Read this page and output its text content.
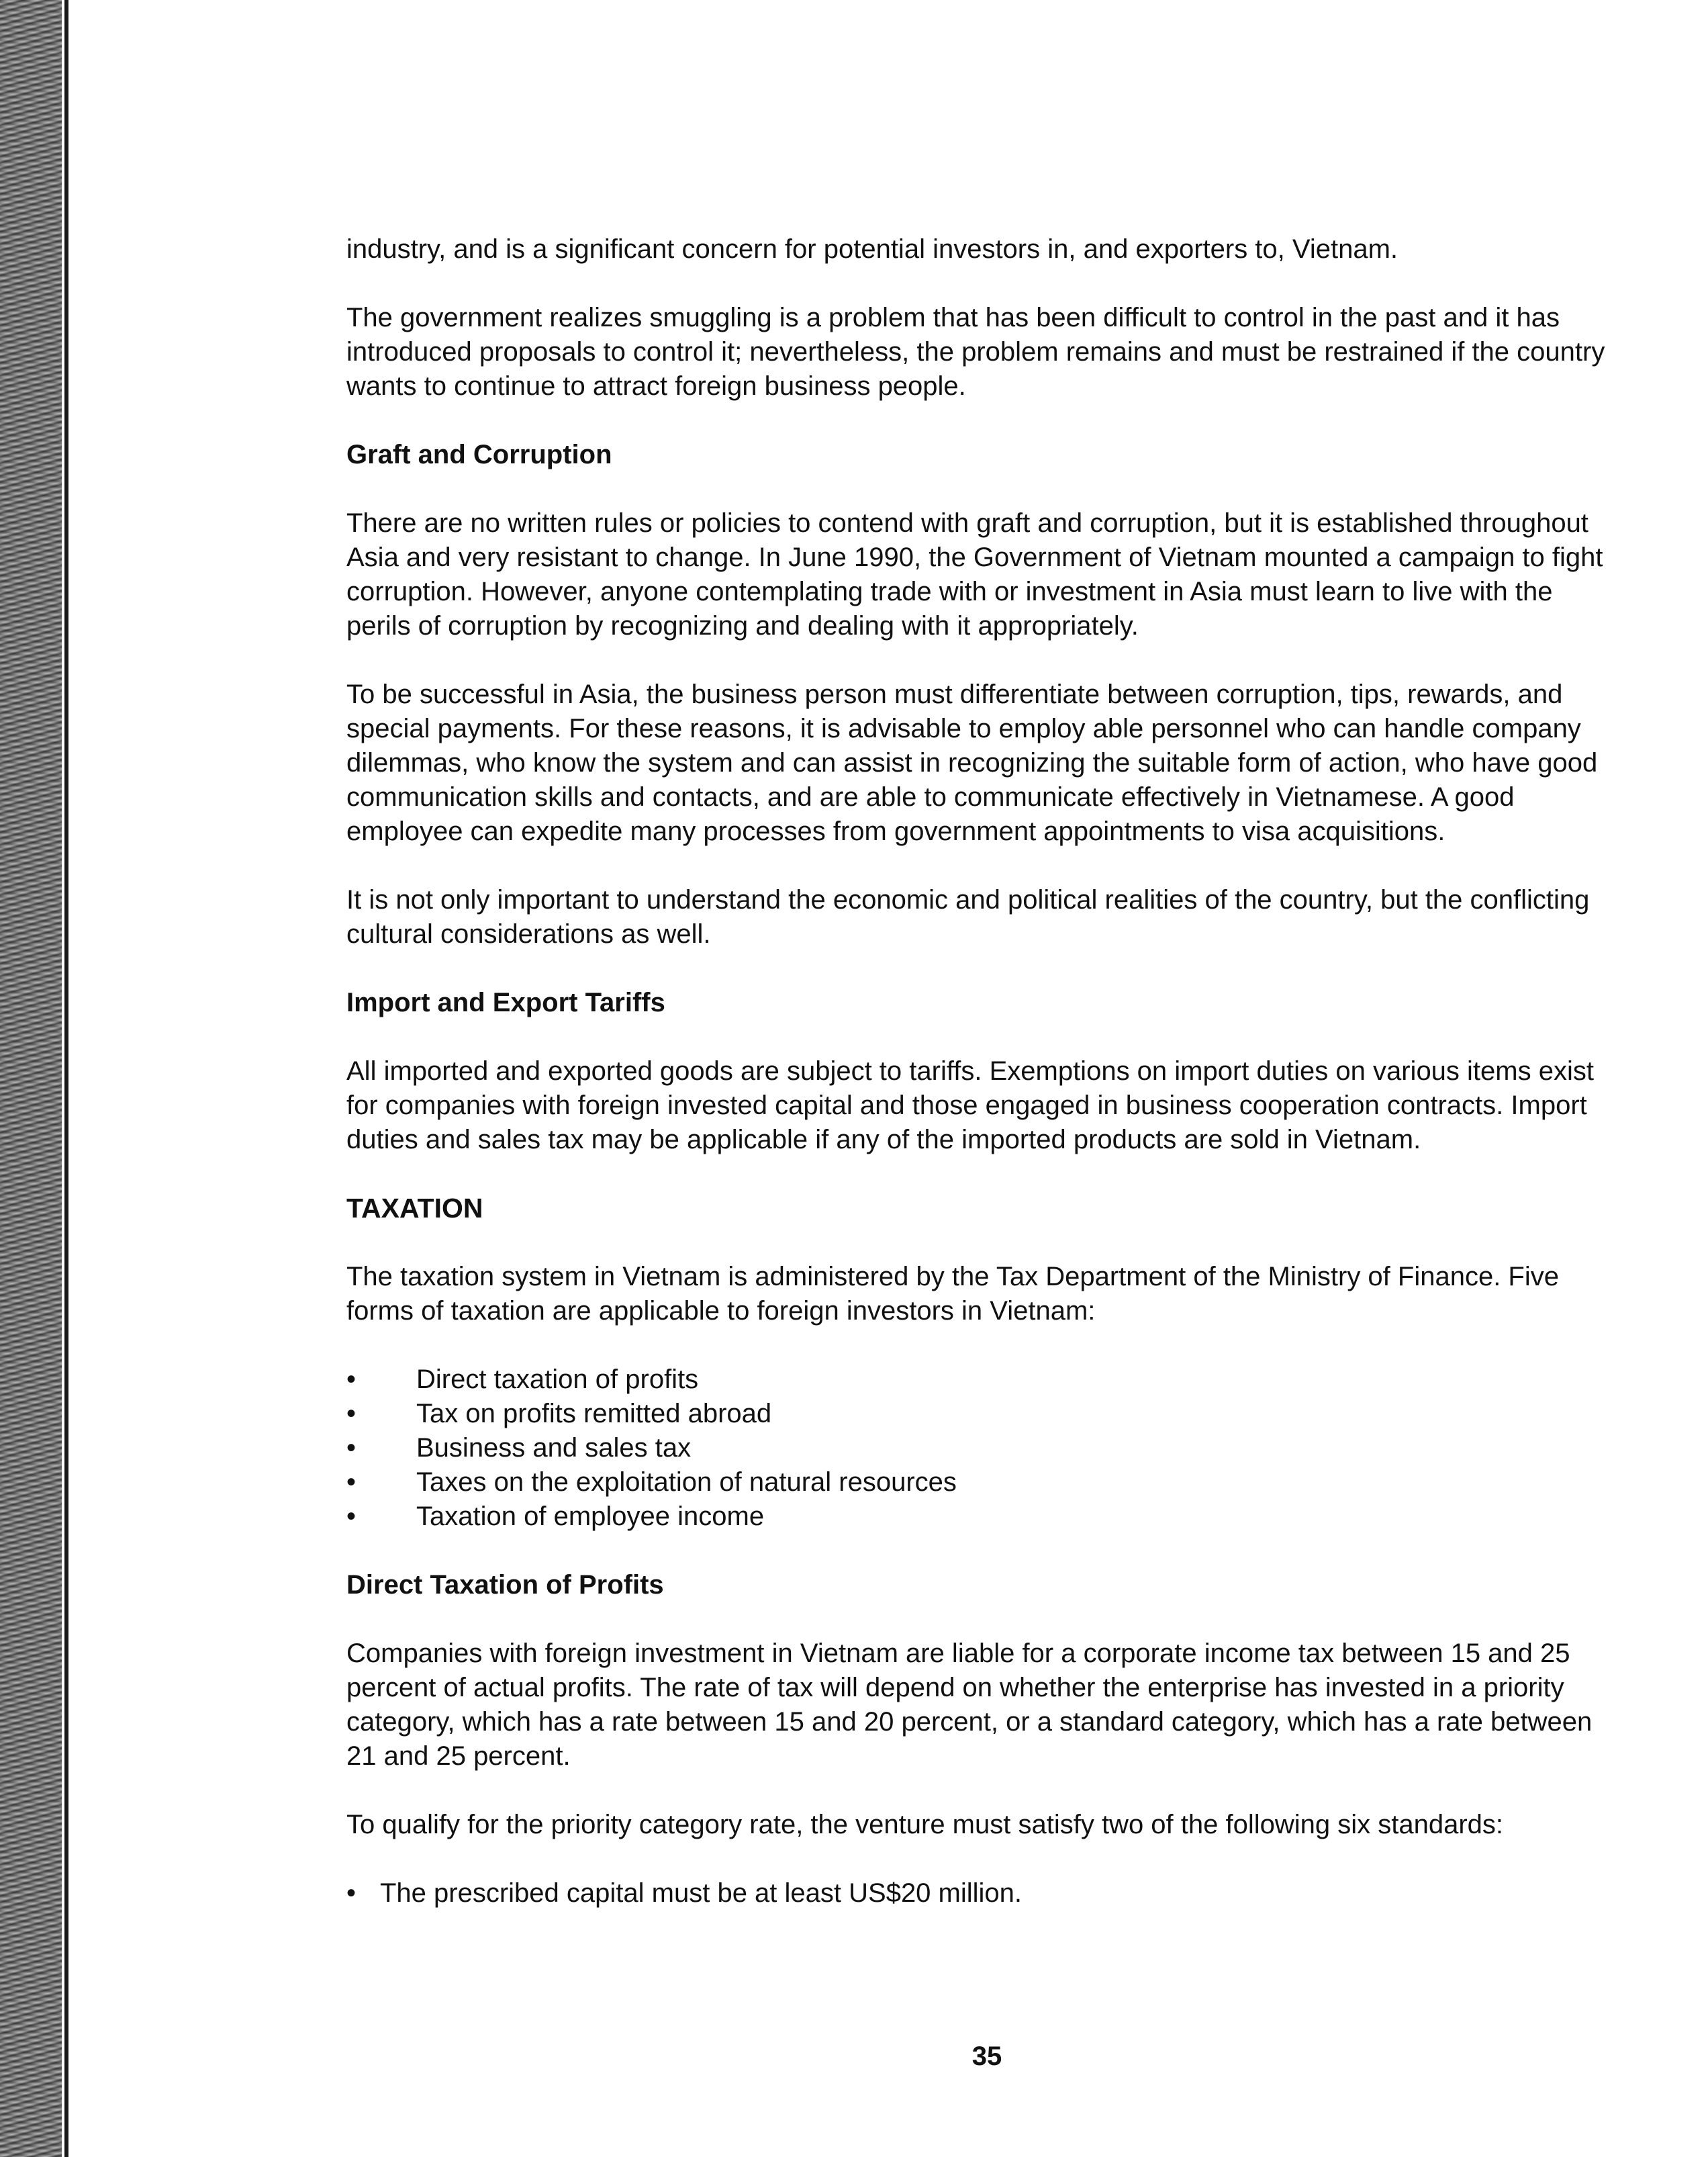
industry, and is a significant concern for potential investors in, and exporters to, Vietnam.

The government realizes smuggling is a problem that has been difficult to control in the past and it has introduced proposals to control it; nevertheless, the problem remains and must be restrained if the country wants to continue to attract foreign business people.

Graft and Corruption

There are no written rules or policies to contend with graft and corruption, but it is established throughout Asia and very resistant to change. In June 1990, the Government of Vietnam mounted a campaign to fight corruption. However, anyone contemplating trade with or investment in Asia must learn to live with the perils of corruption by recognizing and dealing with it appropriately.

To be successful in Asia, the business person must differentiate between corruption, tips, rewards, and special payments. For these reasons, it is advisable to employ able personnel who can handle company dilemmas, who know the system and can assist in recognizing the suitable form of action, who have good communication skills and contacts, and are able to communicate effectively in Vietnamese. A good employee can expedite many processes from government appointments to visa acquisitions.

It is not only important to understand the economic and political realities of the country, but the conflicting cultural considerations as well.

Import and Export Tariffs

All imported and exported goods are subject to tariffs. Exemptions on import duties on various items exist for companies with foreign invested capital and those engaged in business cooperation contracts. Import duties and sales tax may be applicable if any of the imported products are sold in Vietnam.

TAXATION

The taxation system in Vietnam is administered by the Tax Department of the Ministry of Finance. Five forms of taxation are applicable to foreign investors in Vietnam:

• Direct taxation of profits
• Tax on profits remitted abroad
• Business and sales tax
• Taxes on the exploitation of natural resources
• Taxation of employee income
Direct Taxation of Profits

Companies with foreign investment in Vietnam are liable for a corporate income tax between 15 and 25 percent of actual profits. The rate of tax will depend on whether the enterprise has invested in a priority category, which has a rate between 15 and 20 percent, or a standard category, which has a rate between 21 and 25 percent.

To qualify for the priority category rate, the venture must satisfy two of the following six standards:

• The prescribed capital must be at least US$20 million.
35
